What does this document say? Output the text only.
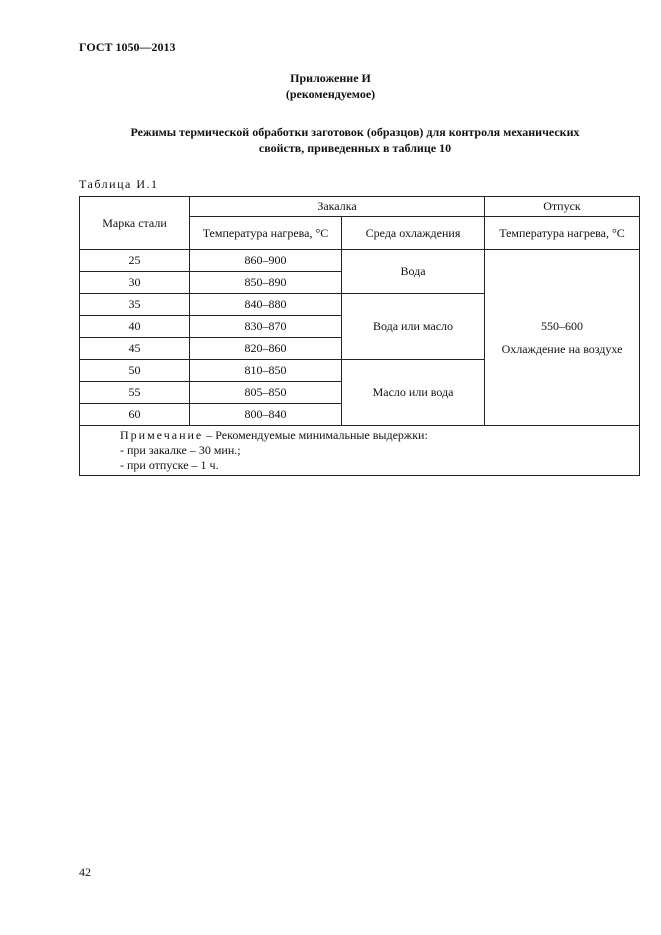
ГОСТ 1050—2013
Приложение И
(рекомендуемое)
Режимы термической обработки заготовок (образцов) для контроля механических
свойств, приведенных в таблице 10
Таблица И.1
Марка стали	Закалка		Отпуск
	Температура нагрева, °С	Среда охлаждения	Температура нагрева, °С
25	860–900	Вода	550–600
Охлаждение на воздухе

30	850–890		
35	840–880	Вода или масло	
40	830–870		
45	820–860		
50	810–850	Масло или вода	
55	805–850		
60	800–840		

Примечание – Рекомендуемые минимальные выдержки:
- при закалке – 30 мин.;
- при отпуске – 1 ч.			
42
